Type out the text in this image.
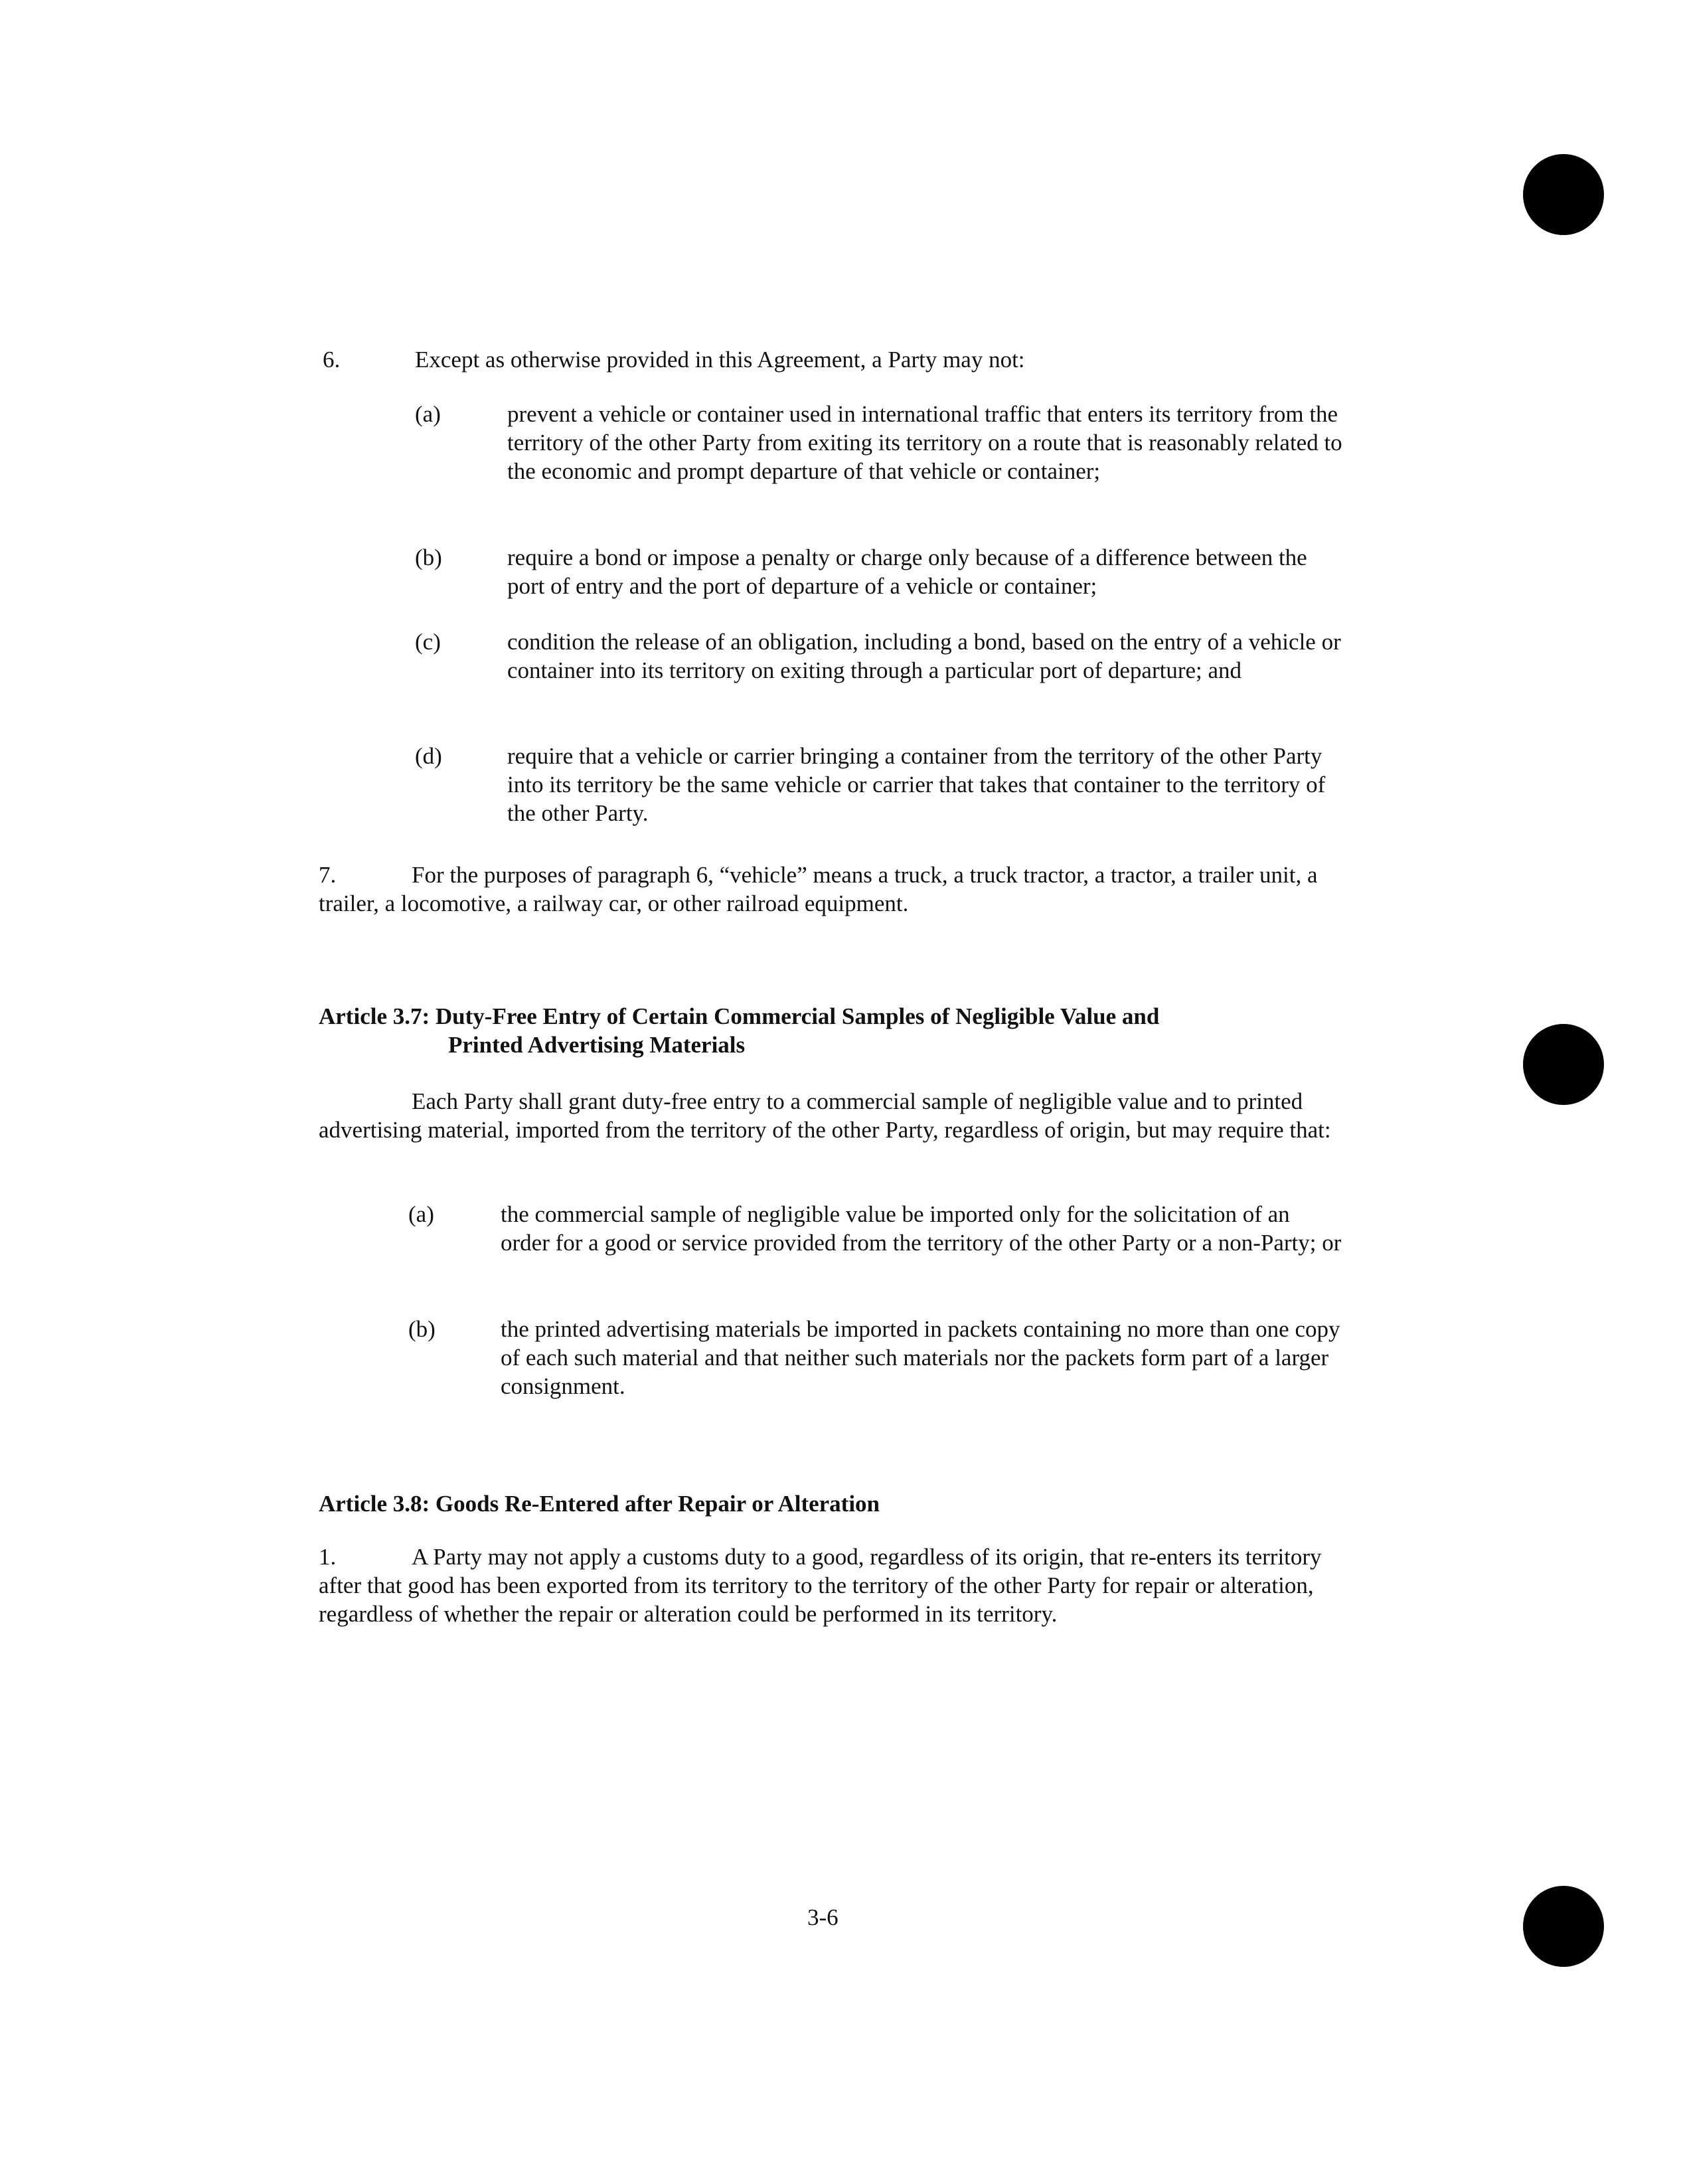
6.	Except as otherwise provided in this Agreement, a Party may not:

(a)	prevent a vehicle or container used in international traffic that enters its territory from the territory of the other Party from exiting its territory on a route that is reasonably related to the economic and prompt departure of that vehicle or container;

(b)	require a bond or impose a penalty or charge only because of a difference between the port of entry and the port of departure of a vehicle or container;

(c)	condition the release of an obligation, including a bond, based on the entry of a vehicle or container into its territory on exiting through a particular port of departure; and

(d)	require that a vehicle or carrier bringing a container from the territory of the other Party into its territory be the same vehicle or carrier that takes that container to the territory of the other Party.

7.	For the purposes of paragraph 6, “vehicle” means a truck, a truck tractor, a tractor, a trailer unit, a trailer, a locomotive, a railway car, or other railroad equipment.

Article 3.7: Duty-Free Entry of Certain Commercial Samples of Negligible Value and
Printed Advertising Materials

Each Party shall grant duty-free entry to a commercial sample of negligible value and to printed advertising material, imported from the territory of the other Party, regardless of origin, but may require that:

(a)	the commercial sample of negligible value be imported only for the solicitation of an order for a good or service provided from the territory of the other Party or a non-Party; or

(b)	the printed advertising materials be imported in packets containing no more than one copy of each such material and that neither such materials nor the packets form part of a larger consignment.

Article 3.8: Goods Re-Entered after Repair or Alteration

1.	A Party may not apply a customs duty to a good, regardless of its origin, that re-enters its territory after that good has been exported from its territory to the territory of the other Party for repair or alteration, regardless of whether the repair or alteration could be performed in its territory.

3-6
